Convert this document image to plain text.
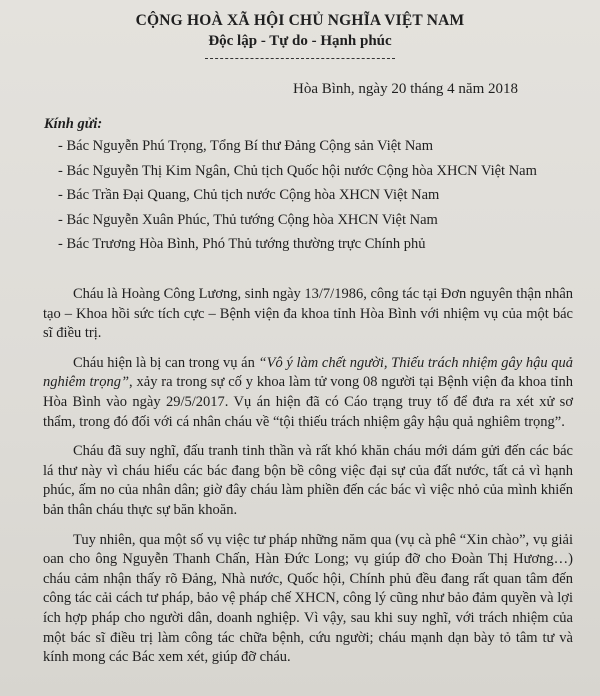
CỘNG HOÀ XÃ HỘI CHỦ NGHĨA VIỆT NAM
Độc lập - Tự do - Hạnh phúc
Hòa Bình, ngày 20 tháng 4 năm 2018
Kính gửi:
- Bác Nguyễn Phú Trọng, Tổng Bí thư Đảng Cộng sản Việt Nam
- Bác Nguyễn Thị Kim Ngân, Chủ tịch Quốc hội nước Cộng hòa XHCN Việt Nam
- Bác Trần Đại Quang, Chủ tịch nước Cộng hòa XHCN Việt Nam
- Bác Nguyễn Xuân Phúc, Thủ tướng Cộng hòa XHCN Việt Nam
- Bác Trương Hòa Bình, Phó Thủ tướng thường trực Chính phủ

Cháu là Hoàng Công Lương, sinh ngày 13/7/1986, công tác tại Đơn nguyên thận nhân tạo – Khoa hồi sức tích cực – Bệnh viện đa khoa tỉnh Hòa Bình với nhiệm vụ của một bác sĩ điều trị.

Cháu hiện là bị can trong vụ án “Vô ý làm chết người, Thiếu trách nhiệm gây hậu quả nghiêm trọng”, xảy ra trong sự cố y khoa làm tử vong 08 người tại Bệnh viện đa khoa tỉnh Hòa Bình vào ngày 29/5/2017. Vụ án hiện đã có Cáo trạng truy tố để đưa ra xét xử sơ thẩm, trong đó đối với cá nhân cháu về “tội thiếu trách nhiệm gây hậu quả nghiêm trọng”.

Cháu đã suy nghĩ, đấu tranh tinh thần và rất khó khăn cháu mới dám gửi đến các bác lá thư này vì cháu hiểu các bác đang bộn bề công việc đại sự của đất nước, tất cả vì hạnh phúc, ấm no của nhân dân; giờ đây cháu làm phiền đến các bác vì việc nhỏ của mình khiến bản thân cháu thực sự băn khoăn.

Tuy nhiên, qua một số vụ việc tư pháp những năm qua (vụ cà phê “Xin chào”, vụ giải oan cho ông Nguyễn Thanh Chấn, Hàn Đức Long; vụ giúp đỡ cho Đoàn Thị Hương…) cháu cảm nhận thấy rõ Đảng, Nhà nước, Quốc hội, Chính phủ đều đang rất quan tâm đến công tác cải cách tư pháp, bảo vệ pháp chế XHCN, công lý cũng như bảo đảm quyền và lợi ích hợp pháp cho người dân, doanh nghiệp. Vì vậy, sau khi suy nghĩ, với trách nhiệm của một bác sĩ điều trị làm công tác chữa bệnh, cứu người; cháu mạnh dạn bày tỏ tâm tư và kính mong các Bác xem xét, giúp đỡ cháu.
